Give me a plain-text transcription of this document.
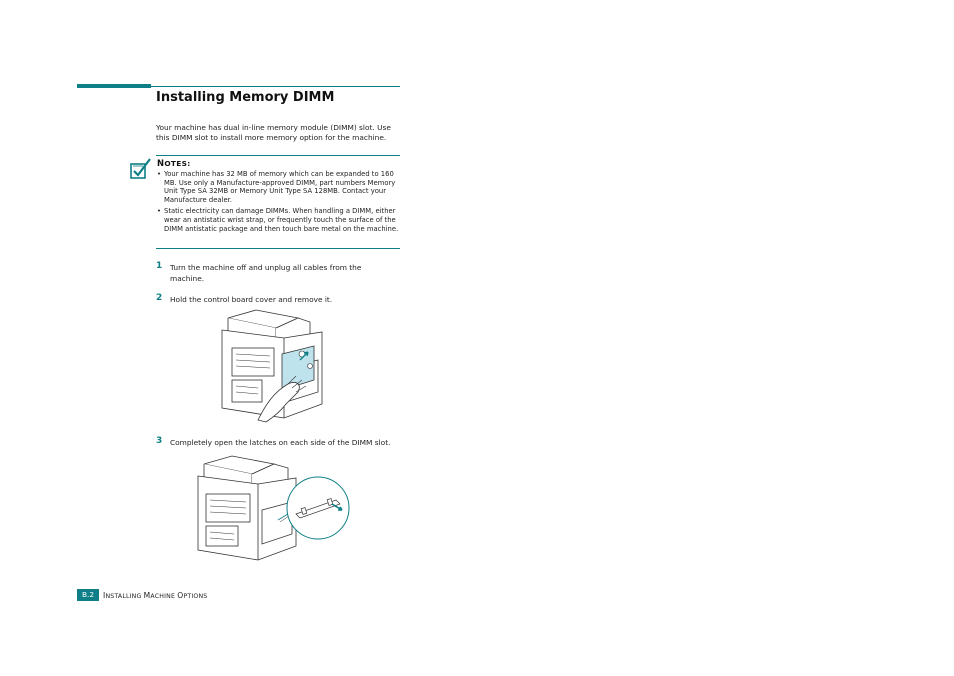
Installing Memory DIMM
Your machine has dual in-line memory module (DIMM) slot. Use this DIMM slot to install more memory option for the machine.
NOTES:
• Your machine has 32 MB of memory which can be expanded to 160 MB. Use only a Manufacture-approved DIMM, part numbers Memory Unit Type SA 32MB or Memory Unit Type SA 128MB. Contact your Manufacture dealer.
• Static electricity can damage DIMMs. When handling a DIMM, either wear an antistatic wrist strap, or frequently touch the surface of the DIMM antistatic package and then touch bare metal on the machine.
1	Turn the machine off and unplug all cables from the machine.
2	Hold the control board cover and remove it.
3	Completely open the latches on each side of the DIMM slot.
B.2	INSTALLING MACHINE OPTIONS
